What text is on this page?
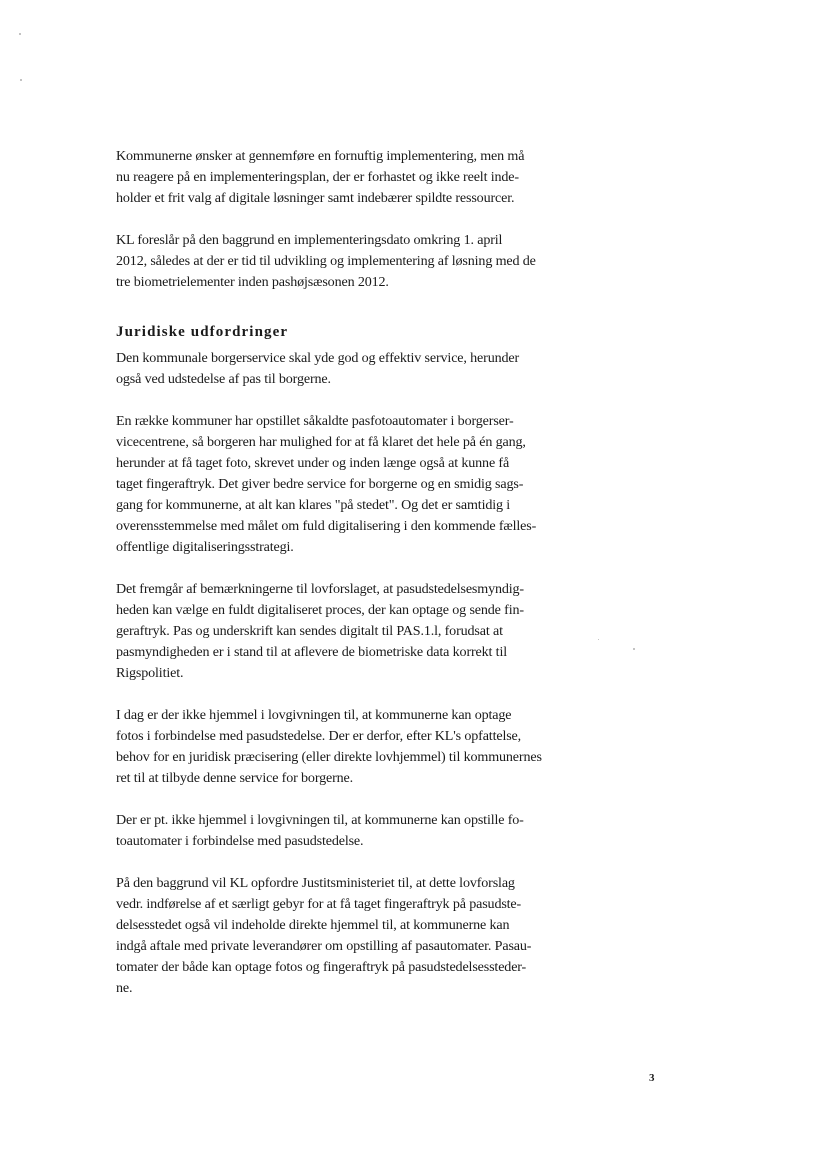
Kommunerne ønsker at gennemføre en fornuftig implementering, men må
nu reagere på en implementeringsplan, der er forhastet og ikke reelt inde-
holder et frit valg af digitale løsninger samt indebærer spildte ressourcer.

KL foreslår på den baggrund en implementeringsdato omkring 1. april
2012, således at der er tid til udvikling og implementering af løsning med de
tre biometrielementer inden pashøjsæsonen 2012.

Juridiske udfordringer

Den kommunale borgerservice skal yde god og effektiv service, herunder
også ved udstedelse af pas til borgerne.

En række kommuner har opstillet såkaldte pasfotoautomater i borgerser-
vicecentrene, så borgeren har mulighed for at få klaret det hele på én gang,
herunder at få taget foto, skrevet under og inden længe også at kunne få
taget fingeraftryk. Det giver bedre service for borgerne og en smidig sags-
gang for kommunerne, at alt kan klares "på stedet". Og det er samtidig i
overensstemmelse med målet om fuld digitalisering i den kommende fælles-
offentlige digitaliseringsstrategi.

Det fremgår af bemærkningerne til lovforslaget, at pasudstedelsesmyndig-
heden kan vælge en fuldt digitaliseret proces, der kan optage og sende fin-
geraftryk. Pas og underskrift kan sendes digitalt til PAS.1.l, forudsat at
pasmyndigheden er i stand til at aflevere de biometriske data korrekt til
Rigspolitiet.

I dag er der ikke hjemmel i lovgivningen til, at kommunerne kan optage
fotos i forbindelse med pasudstedelse. Der er derfor, efter KL's opfattelse,
behov for en juridisk præcisering (eller direkte lovhjemmel) til kommunernes
ret til at tilbyde denne service for borgerne.

Der er pt. ikke hjemmel i lovgivningen til, at kommunerne kan opstille fo-
toautomater i forbindelse med pasudstedelse.

På den baggrund vil KL opfordre Justitsministeriet til, at dette lovforslag
vedr. indførelse af et særligt gebyr for at få taget fingeraftryk på pasudste-
delsesstedet også vil indeholde direkte hjemmel til, at kommunerne kan
indgå aftale med private leverandører om opstilling af pasautomater. Pasau-
tomater der både kan optage fotos og fingeraftryk på pasudstedelsessteder-
ne.

3
